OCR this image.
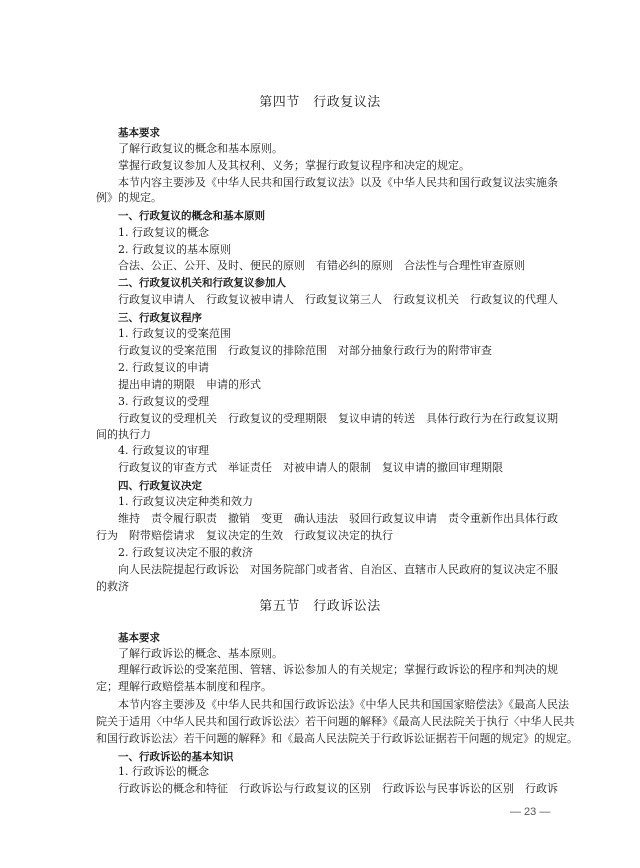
第四节　行政复议法
基本要求
了解行政复议的概念和基本原则。
掌握行政复议参加人及其权利、义务；掌握行政复议程序和决定的规定。
本节内容主要涉及《中华人民共和国行政复议法》以及《中华人民共和国行政复议法实施条
例》的规定。
一、行政复议的概念和基本原则
1. 行政复议的概念
2. 行政复议的基本原则
合法、公正、公开、及时、便民的原则　有错必纠的原则　合法性与合理性审查原则
二、行政复议机关和行政复议参加人
行政复议申请人　行政复议被申请人　行政复议第三人　行政复议机关　行政复议的代理人
三、行政复议程序
1. 行政复议的受案范围
行政复议的受案范围　行政复议的排除范围　对部分抽象行政行为的附带审查
2. 行政复议的申请
提出申请的期限　申请的形式
3. 行政复议的受理
行政复议的受理机关　行政复议的受理期限　复议申请的转送　具体行政行为在行政复议期
间的执行力
4. 行政复议的审理
行政复议的审查方式　举证责任　对被申请人的限制　复议申请的撤回审理期限
四、行政复议决定
1. 行政复议决定种类和效力
维持　责令履行职责　撤销　变更　确认违法　驳回行政复议申请　责令重新作出具体行政
行为　附带赔偿请求　复议决定的生效　行政复议决定的执行
2. 行政复议决定不服的救济
向人民法院提起行政诉讼　对国务院部门或者省、自治区、直辖市人民政府的复议决定不服
的救济
第五节　行政诉讼法
基本要求
了解行政诉讼的概念、基本原则。
理解行政诉讼的受案范围、管辖、诉讼参加人的有关规定；掌握行政诉讼的程序和判决的规
定；理解行政赔偿基本制度和程序。
本节内容主要涉及《中华人民共和国行政诉讼法》《中华人民共和国国家赔偿法》《最高人民法
院关于适用〈中华人民共和国行政诉讼法〉若干问题的解释》《最高人民法院关于执行〈中华人民共
和国行政诉讼法〉若干问题的解释》和《最高人民法院关于行政诉讼证据若干问题的规定》的规定。
一、行政诉讼的基本知识
1. 行政诉讼的概念
行政诉讼的概念和特征　行政诉讼与行政复议的区别　行政诉讼与民事诉讼的区别　行政诉
— 23 —
